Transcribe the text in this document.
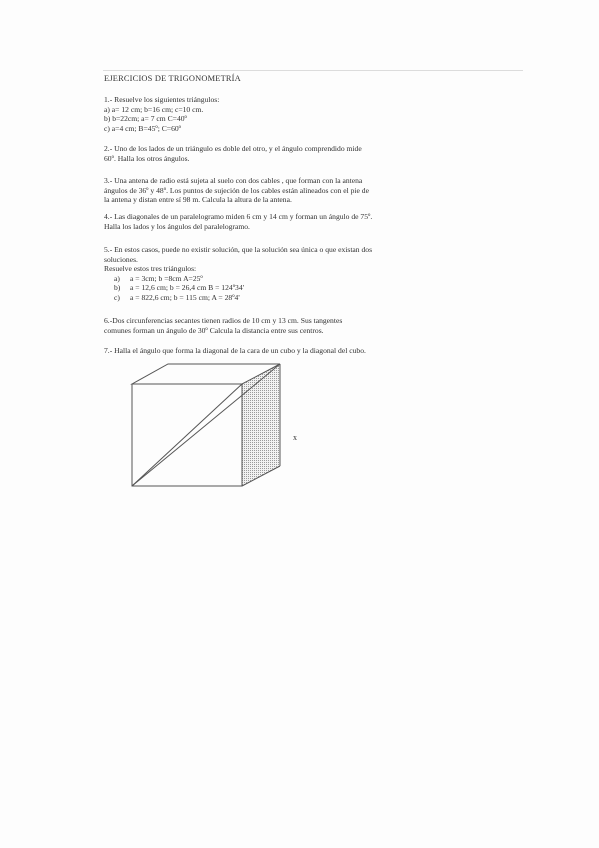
EJERCICIOS DE TRIGONOMETRÍA

1.- Resuelve los siguientes triángulos:

a) a= 12 cm; b=16 cm; c=10 cm.

b) b=22cm; a= 7 cm C=40º

c) a=4 cm; B=45º; C=60º

2.- Uno de los lados de un triángulo es doble del otro, y el ángulo comprendido mide

60º. Halla los otros ángulos.

3.- Una antena de radio está sujeta al suelo con dos cables , que forman con la antena

ángulos de 36º y 48º. Los puntos de sujeción de los cables están alineados con el pie de

la antena y distan entre sí 98 m. Calcula la altura de la antena.

4.- Las diagonales de un paralelogramo miden 6 cm y 14 cm y forman un ángulo de 75º.

Halla los lados y los ángulos del paralelogramo.

5.- En estos casos, puede no existir solución, que la solución sea única o que existan dos

soluciones.

Resuelve estos tres triángulos:

a) a = 3cm; b =8cm A=25º

b) a = 12,6 cm; b = 26,4 cm B = 124º34'

c) a = 822,6 cm; b = 115 cm; A = 28º4'

6.-Dos circunferencias secantes tienen radios de 10 cm y 13 cm. Sus tangentes

comunes forman un ángulo de 30º Calcula la distancia entre sus centros.

7.- Halla el ángulo que forma la diagonal de la cara de un cubo y la diagonal del cubo.

x
